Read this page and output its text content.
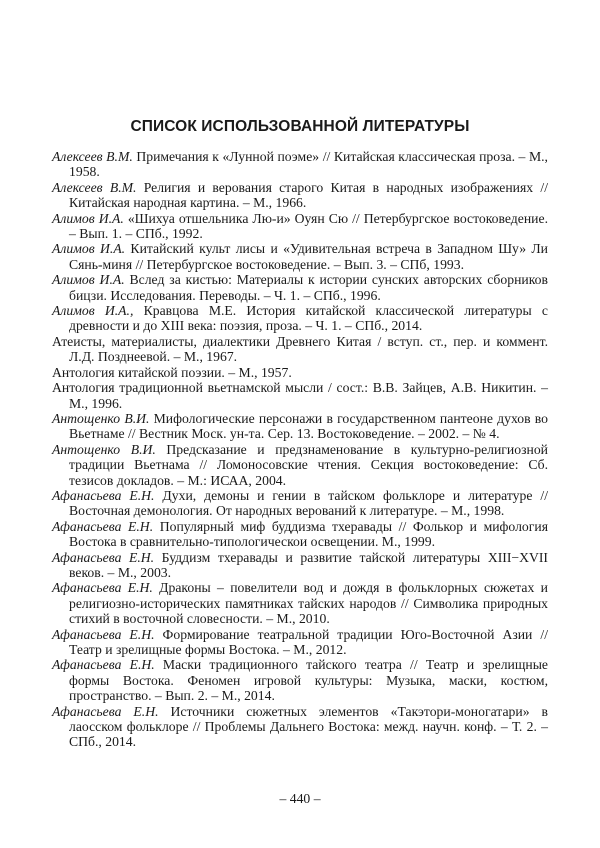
СПИСОК ИСПОЛЬЗОВАННОЙ ЛИТЕРАТУРЫ

Алексеев В.М. Примечания к «Лунной поэме» // Китайская классическая проза. – М., 1958.

Алексеев В.М. Религия и верования старого Китая в народных изображениях // Китайская народная картина. – М., 1966.

Алимов И.А. «Шихуа отшельника Лю-и» Оуян Сю // Петербургское востоковедение. – Вып. 1. – СПб., 1992.

Алимов И.А. Китайский культ лисы и «Удивительная встреча в Западном Шу» Ли Сянь-миня // Петербургское востоковедение. – Вып. 3. – СПб, 1993.

Алимов И.А. Вслед за кистью: Материалы к истории сунских авторских сборников бицзи. Исследования. Переводы. – Ч. 1. – СПб., 1996.

Алимов И.А., Кравцова М.Е. История китайской классической литературы с древности и до XIII века: поэзия, проза. – Ч. 1. – СПб., 2014.

Атеисты, материалисты, диалектики Древнего Китая / вступ. ст., пер. и коммент. Л.Д. Позднеевой. – М., 1967.

Антология китайской поэзии. – М., 1957.

Антология традиционной вьетнамской мысли / сост.: В.В. Зайцев, А.В. Никитин. – М., 1996.

Антощенко В.И. Мифологические персонажи в государственном пантеоне духов во Вьетнаме // Вестник Моск. ун-та. Сер. 13. Востоковедение. – 2002. – № 4.

Антощенко В.И. Предсказание и предзнаменование в культурно-религиозной традиции Вьетнама // Ломоносовские чтения. Секция востоковедение: Сб. тезисов докладов. – М.: ИСАА, 2004.

Афанасьева Е.Н. Духи, демоны и гении в тайском фольклоре и литературе // Восточная демонология. От народных верований к литературе. – М., 1998.

Афанасьева Е.Н. Популярный миф буддизма тхеравады // Фолькор и мифология Востока в сравнительно-типологическои освещении. М., 1999.

Афанасьева Е.Н. Буддизм тхеравады и развитие тайской литературы XIII−XVII веков. – М., 2003.

Афанасьева Е.Н. Драконы – повелители вод и дождя в фольклорных сюжетах и религиозно-исторических памятниках тайских народов // Символика природных стихий в восточной словесности. – М., 2010.

Афанасьева Е.Н. Формирование театральной традиции Юго-Восточной Азии // Театр и зрелищные формы Востока. – М., 2012.

Афанасьева Е.Н. Маски традиционного тайского театра // Театр и зрелищные формы Востока. Феномен игровой культуры: Музыка, маски, костюм, пространство. – Вып. 2. – М., 2014.

Афанасьева Е.Н. Источники сюжетных элементов «Такэтори-моногатари» в лаосском фольклоре // Проблемы Дальнего Востока: межд. научн. конф. – Т. 2. – СПб., 2014.

– 440 –
